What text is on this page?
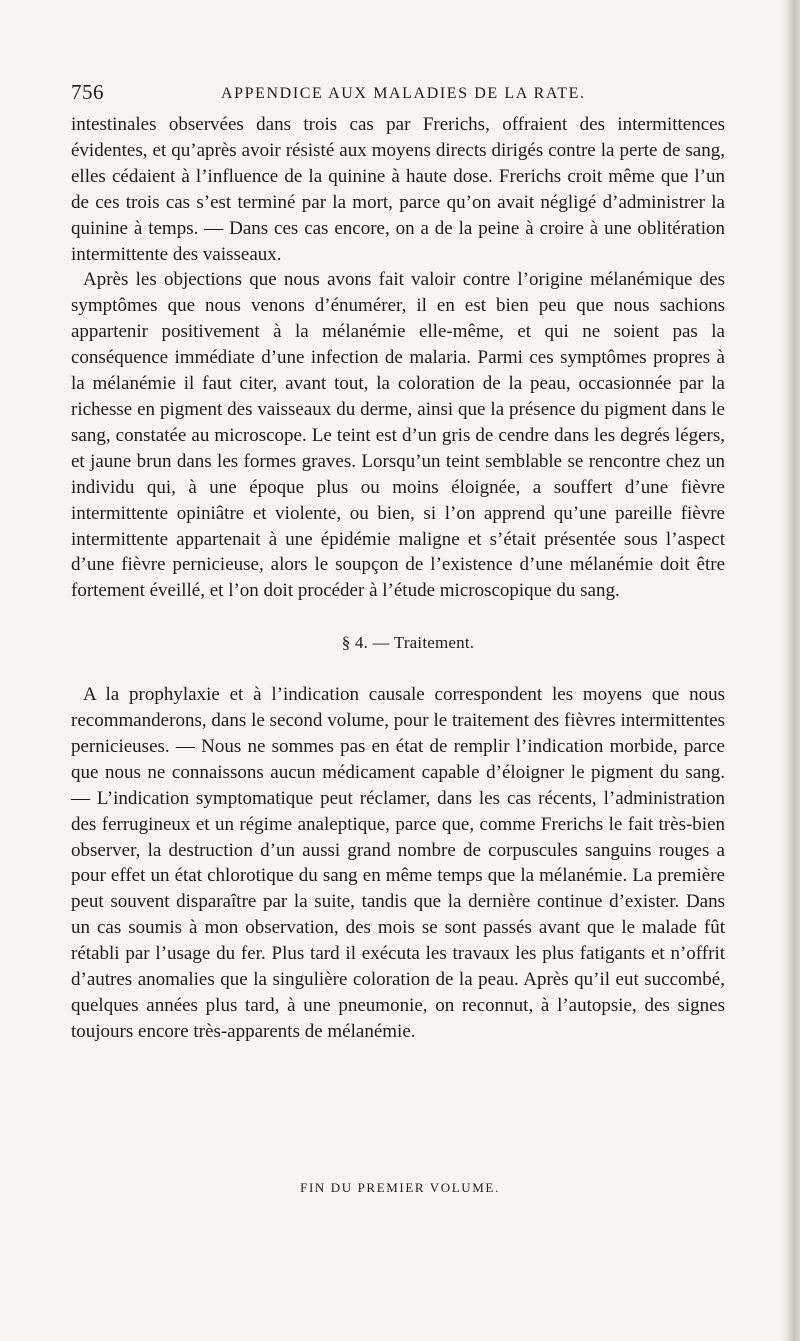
756	APPENDICE AUX MALADIES DE LA RATE.

intestinales observées dans trois cas par Frerichs, offraient des intermittences évidentes, et qu’après avoir résisté aux moyens directs dirigés contre la perte de sang, elles cédaient à l’influence de la quinine à haute dose. Frerichs croit même que l’un de ces trois cas s’est terminé par la mort, parce qu’on avait négligé d’administrer la quinine à temps. — Dans ces cas encore, on a de la peine à croire à une oblitération intermittente des vaisseaux.

Après les objections que nous avons fait valoir contre l’origine mélanémique des symptômes que nous venons d’énumérer, il en est bien peu que nous sachions appartenir positivement à la mélanémie elle-même, et qui ne soient pas la conséquence immédiate d’une infection de malaria. Parmi ces symptômes propres à la mélanémie il faut citer, avant tout, la coloration de la peau, occasionnée par la richesse en pigment des vaisseaux du derme, ainsi que la présence du pigment dans le sang, constatée au microscope. Le teint est d’un gris de cendre dans les degrés légers, et jaune brun dans les formes graves. Lorsqu’un teint semblable se rencontre chez un individu qui, à une époque plus ou moins éloignée, a souffert d’une fièvre intermittente opiniâtre et violente, ou bien, si l’on apprend qu’une pareille fièvre intermittente appartenait à une épidémie maligne et s’était présentée sous l’aspect d’une fièvre pernicieuse, alors le soupçon de l’existence d’une mélanémie doit être fortement éveillé, et l’on doit procéder à l’étude microscopique du sang.

§ 4. — Traitement.

A la prophylaxie et à l’indication causale correspondent les moyens que nous recommanderons, dans le second volume, pour le traitement des fièvres intermittentes pernicieuses. — Nous ne sommes pas en état de remplir l’indication morbide, parce que nous ne connaissons aucun médicament capable d’éloigner le pigment du sang. — L’indication symptomatique peut réclamer, dans les cas récents, l’administration des ferrugineux et un régime analeptique, parce que, comme Frerichs le fait très-bien observer, la destruction d’un aussi grand nombre de corpuscules sanguins rouges a pour effet un état chlorotique du sang en même temps que la mélanémie. La première peut souvent disparaître par la suite, tandis que la dernière continue d’exister. Dans un cas soumis à mon observation, des mois se sont passés avant que le malade fût rétabli par l’usage du fer. Plus tard il exécuta les travaux les plus fatigants et n’offrit d’autres anomalies que la singulière coloration de la peau. Après qu’il eut succombé, quelques années plus tard, à une pneumonie, on reconnut, à l’autopsie, des signes toujours encore très-apparents de mélanémie.

FIN DU PREMIER VOLUME.
